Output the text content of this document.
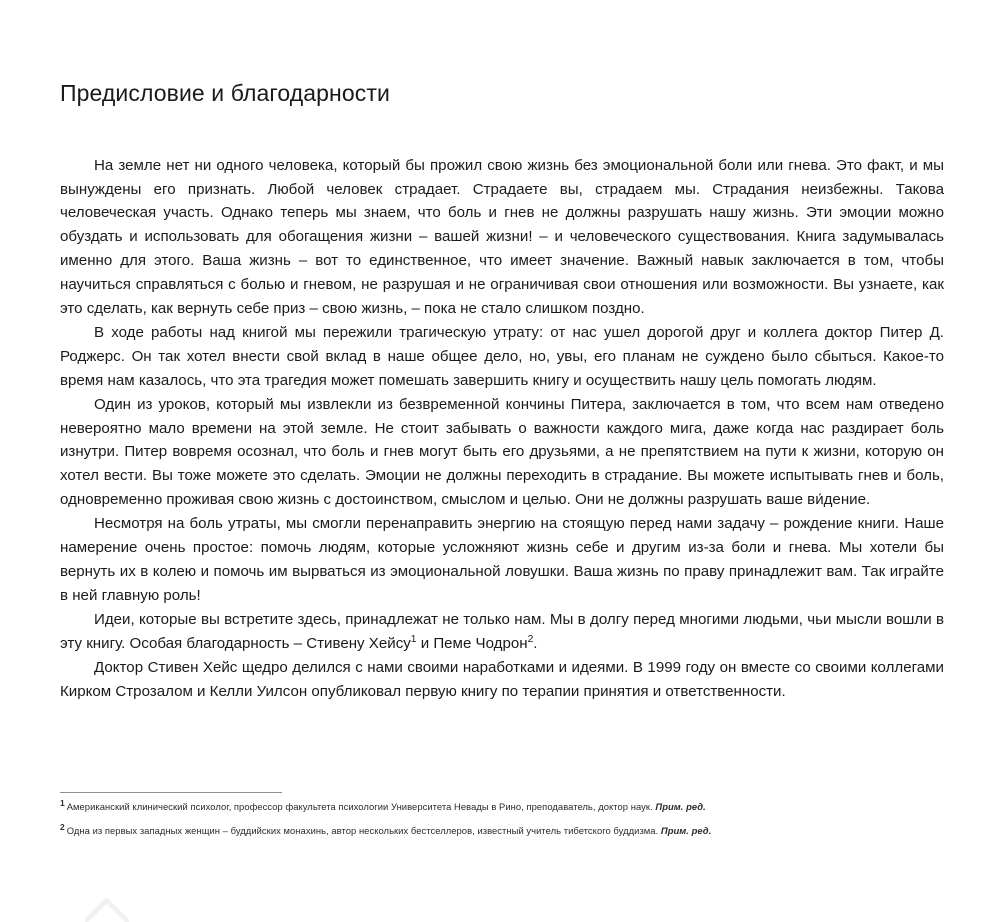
Предисловие и благодарности

На земле нет ни одного человека, который бы прожил свою жизнь без эмоциональной боли или гнева. Это факт, и мы вынуждены его признать. Любой человек страдает. Страдаете вы, страдаем мы. Страдания неизбежны. Такова человеческая участь. Однако теперь мы знаем, что боль и гнев не должны разрушать нашу жизнь. Эти эмоции можно обуздать и использовать для обогащения жизни – вашей жизни! – и человеческого существования. Книга задумывалась именно для этого. Ваша жизнь – вот то единственное, что имеет значение. Важный навык заключается в том, чтобы научиться справляться с болью и гневом, не разрушая и не ограничивая свои отношения или возможности. Вы узнаете, как это сделать, как вернуть себе приз – свою жизнь, – пока не стало слишком поздно.

В ходе работы над книгой мы пережили трагическую утрату: от нас ушел дорогой друг и коллега доктор Питер Д. Роджерс. Он так хотел внести свой вклад в наше общее дело, но, увы, его планам не суждено было сбыться. Какое-то время нам казалось, что эта трагедия может помешать завершить книгу и осуществить нашу цель помогать людям.

Один из уроков, который мы извлекли из безвременной кончины Питера, заключается в том, что всем нам отведено невероятно мало времени на этой земле. Не стоит забывать о важности каждого мига, даже когда нас раздирает боль изнутри. Питер вовремя осознал, что боль и гнев могут быть его друзьями, а не препятствием на пути к жизни, которую он хотел вести. Вы тоже можете это сделать. Эмоции не должны переходить в страдание. Вы можете испытывать гнев и боль, одновременно проживая свою жизнь с достоинством, смыслом и целью. Они не должны разрушать ваше ви́дение.

Несмотря на боль утраты, мы смогли перенаправить энергию на стоящую перед нами задачу – рождение книги. Наше намерение очень простое: помочь людям, которые усложняют жизнь себе и другим из-за боли и гнева. Мы хотели бы вернуть их в колею и помочь им вырваться из эмоциональной ловушки. Ваша жизнь по праву принадлежит вам. Так играйте в ней главную роль!

Идеи, которые вы встретите здесь, принадлежат не только нам. Мы в долгу перед многими людьми, чьи мысли вошли в эту книгу. Особая благодарность – Стивену Хейсу$^1$ и Пеме Чодрон$^2$.

Доктор Стивен Хейс щедро делился с нами своими наработками и идеями. В 1999 году он вместе со своими коллегами Кирком Строзалом и Келли Уилсон опубликовал первую книгу по терапии принятия и ответственности.

1 Американский клинический психолог, профессор факультета психологии Университета Невады в Рино, преподаватель, доктор наук. Прим. ред.

2 Одна из первых западных женщин – буддийских монахинь, автор нескольких бестселлеров, известный учитель тибетского буддизма. Прим. ред.
